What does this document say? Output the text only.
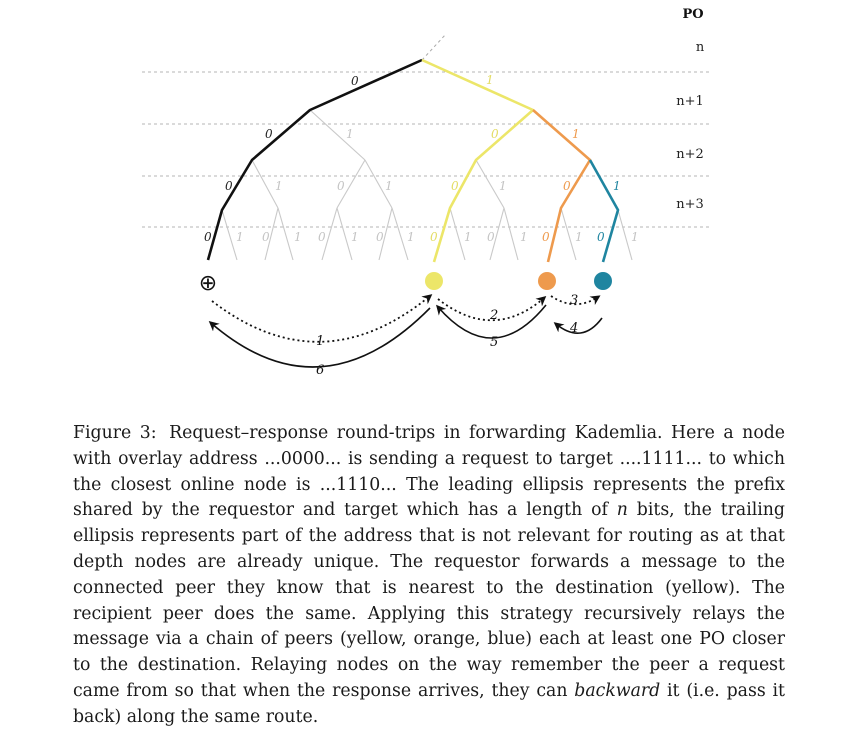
PO
n
n+1
n+2
n+3
0
0
0
0
1
0
0
0
1
0
0
1
0
1
1	0	1	1
1 0 1 0 1 0 1	1 0 1	1	1
⊕
1
2
3
4
5
6
Figure 3: Request–response round-trips in forwarding Kademlia. Here a node with overlay address ...0000... is sending a request to target ....1111... to which the closest online node is ...1110... The leading ellipsis represents the prefix shared by the requestor and target which has a length of n bits, the trailing ellipsis represents part of the address that is not relevant for routing as at that depth nodes are already unique. The requestor forwards a message to the connected peer they know that is nearest to the destination (yellow). The recipient peer does the same. Applying this strategy recursively relays the message via a chain of peers (yellow, orange, blue) each at least one PO closer to the destination. Relaying nodes on the way remember the peer a request came from so that when the response arrives, they can backward it (i.e. pass it back) along the same route.
